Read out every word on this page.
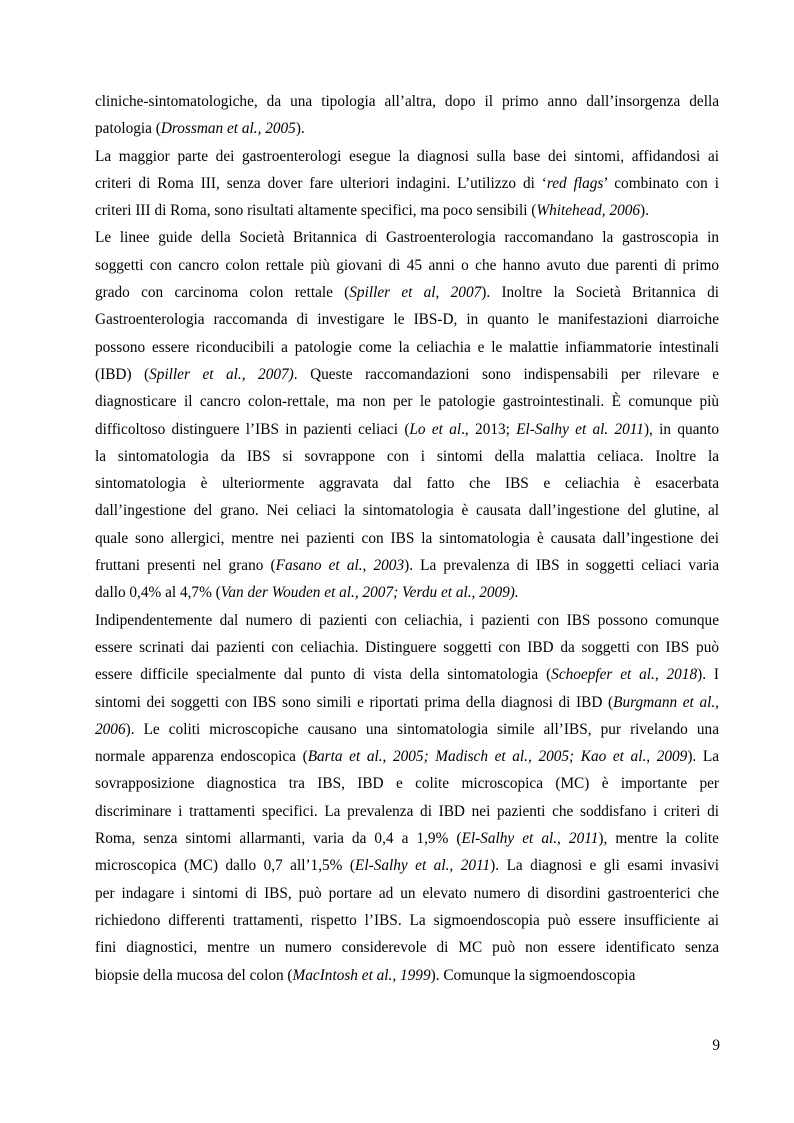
cliniche-sintomatologiche, da una tipologia all’altra, dopo il primo anno dall’insorgenza della
patologia (Drossman et al., 2005).

La maggior parte dei gastroenterologi esegue la diagnosi sulla base dei sintomi, affidandosi ai
criteri di Roma III, senza dover fare ulteriori indagini. L’utilizzo di ‘red flags’ combinato con i
criteri III di Roma, sono risultati altamente specifici, ma poco sensibili (Whitehead, 2006).

Le linee guide della Società Britannica di Gastroenterologia raccomandano la gastroscopia in
soggetti con cancro colon rettale più giovani di 45 anni o che hanno avuto due parenti di primo
grado con carcinoma colon rettale (Spiller et al, 2007). Inoltre la Società Britannica di
Gastroenterologia raccomanda di investigare le IBS-D, in quanto le manifestazioni diarroiche
possono essere riconducibili a patologie come la celiachia e le malattie infiammatorie intestinali
(IBD) (Spiller et al., 2007). Queste raccomandazioni sono indispensabili per rilevare e
diagnosticare il cancro colon-rettale, ma non per le patologie gastrointestinali. È comunque più
difficoltoso distinguere l’IBS in pazienti celiaci (Lo et al., 2013; El-Salhy et al. 2011), in quanto
la sintomatologia da IBS si sovrappone con i sintomi della malattia celiaca. Inoltre la
sintomatologia è ulteriormente aggravata dal fatto che IBS e celiachia è esacerbata
dall’ingestione del grano. Nei celiaci la sintomatologia è causata dall’ingestione del glutine, al
quale sono allergici, mentre nei pazienti con IBS la sintomatologia è causata dall’ingestione dei
fruttani presenti nel grano (Fasano et al., 2003). La prevalenza di IBS in soggetti celiaci varia
dallo 0,4% al 4,7% (Van der Wouden et al., 2007; Verdu et al., 2009).

Indipendentemente dal numero di pazienti con celiachia, i pazienti con IBS possono comunque
essere scrinati dai pazienti con celiachia. Distinguere soggetti con IBD da soggetti con IBS può
essere difficile specialmente dal punto di vista della sintomatologia (Schoepfer et al., 2018). I
sintomi dei soggetti con IBS sono simili e riportati prima della diagnosi di IBD (Burgmann et al.,
2006). Le coliti microscopiche causano una sintomatologia simile all’IBS, pur rivelando una
normale apparenza endoscopica (Barta et al., 2005; Madisch et al., 2005; Kao et al., 2009). La
sovrapposizione diagnostica tra IBS, IBD e colite microscopica (MC) è importante per
discriminare i trattamenti specifici. La prevalenza di IBD nei pazienti che soddisfano i criteri di
Roma, senza sintomi allarmanti, varia da 0,4 a 1,9% (El-Salhy et al., 2011), mentre la colite
microscopica (MC) dallo 0,7 all’1,5% (El-Salhy et al., 2011). La diagnosi e gli esami invasivi
per indagare i sintomi di IBS, può portare ad un elevato numero di disordini gastroenterici che
richiedono differenti trattamenti, rispetto l’IBS. La sigmoendoscopia può essere insufficiente ai
fini diagnostici, mentre un numero considerevole di MC può non essere identificato senza
biopsie della mucosa del colon (MacIntosh et al., 1999). Comunque la sigmoendoscopia

9
